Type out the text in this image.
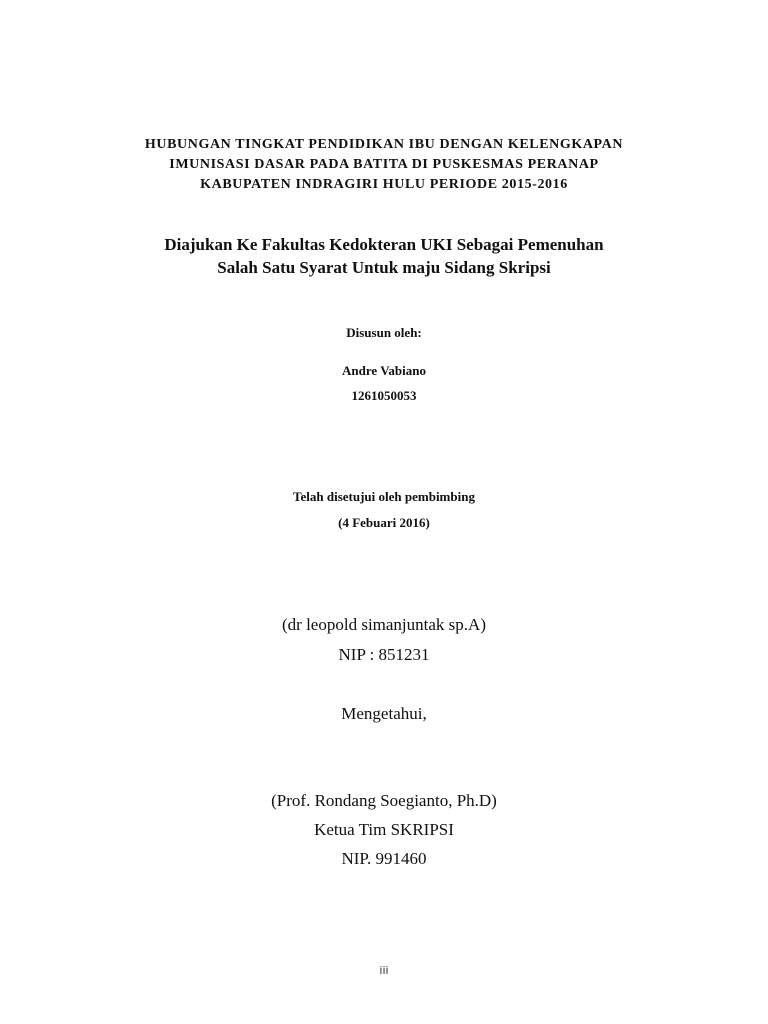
HUBUNGAN TINGKAT PENDIDIKAN IBU DENGAN KELENGKAPAN

IMUNISASI DASAR PADA BATITA DI PUSKESMAS PERANAP

KABUPATEN INDRAGIRI HULU PERIODE 2015-2016

Diajukan Ke Fakultas Kedokteran UKI Sebagai Pemenuhan

Salah Satu Syarat Untuk maju Sidang Skripsi

Disusun oleh:

Andre Vabiano

1261050053

Telah disetujui oleh pembimbing

(4 Febuari 2016)

(dr leopold simanjuntak sp.A)

NIP : 851231

Mengetahui,

(Prof. Rondang Soegianto, Ph.D)

Ketua Tim SKRIPSI

NIP. 991460

iii
